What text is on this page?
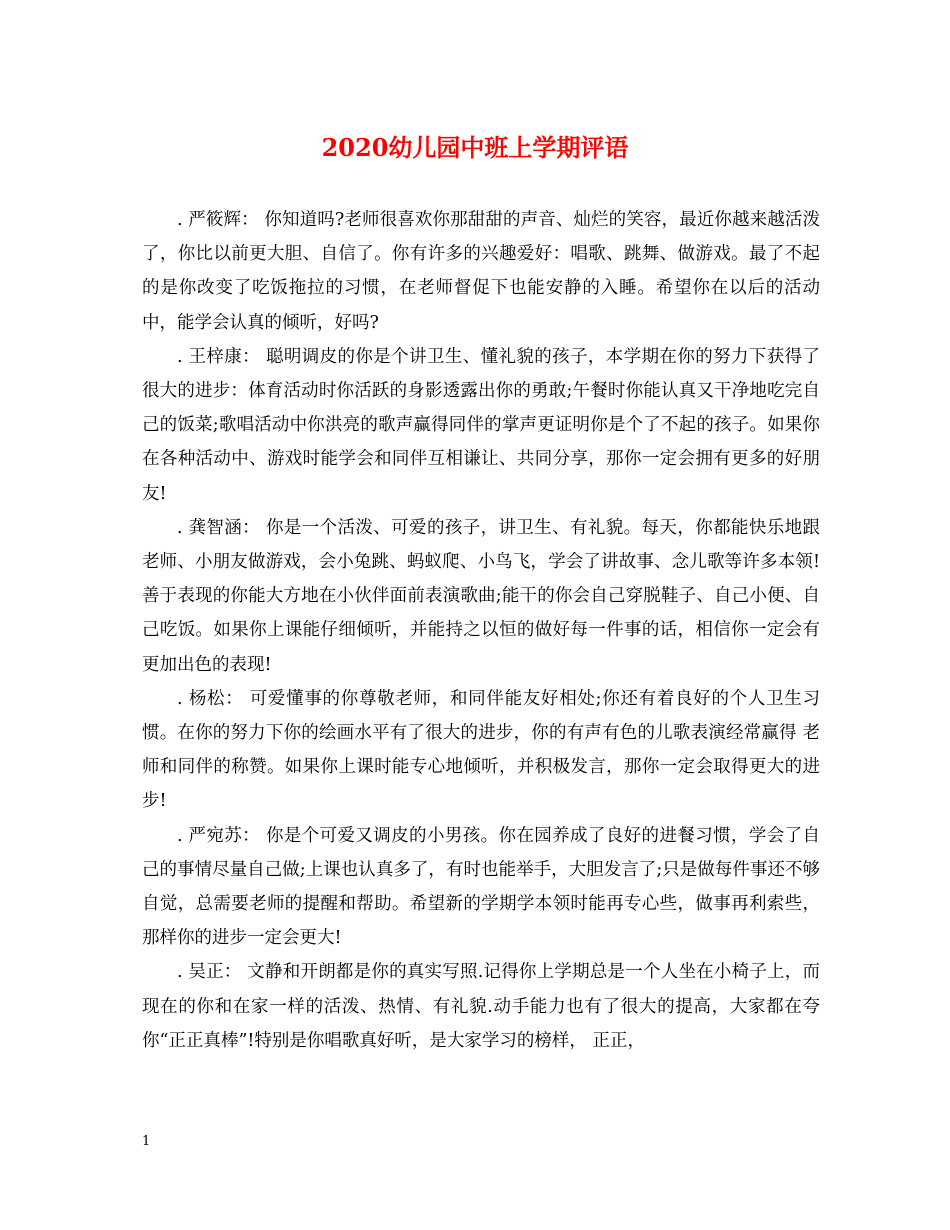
2020幼儿园中班上学期评语

. 严筱辉： 你知道吗?老师很喜欢你那甜甜的声音、灿烂的笑容，最近你越来越活泼了，你比以前更大胆、自信了。你有许多的兴趣爱好：唱歌、跳舞、做游戏。最了不起的是你改变了吃饭拖拉的习惯，在老师督促下也能安静的入睡。希望你在以后的活动中，能学会认真的倾听，好吗?

. 王梓康： 聪明调皮的你是个讲卫生、懂礼貌的孩子，本学期在你的努力下获得了很大的进步：体育活动时你活跃的身影透露出你的勇敢;午餐时你能认真又干净地吃完自己的饭菜;歌唱活动中你洪亮的歌声赢得同伴的掌声更证明你是个了不起的孩子。如果你在各种活动中、游戏时能学会和同伴互相谦让、共同分享，那你一定会拥有更多的好朋友!

. 龚智涵： 你是一个活泼、可爱的孩子，讲卫生、有礼貌。每天，你都能快乐地跟 老师、小朋友做游戏，会小兔跳、蚂蚁爬、小鸟飞，学会了讲故事、念儿歌等许多本领!善于表现的你能大方地在小伙伴面前表演歌曲;能干的你会自己穿脱鞋子、自己小便、自己吃饭。如果你上课能仔细倾听，并能持之以恒的做好每一件事的话，相信你一定会有更加出色的表现!

. 杨松： 可爱懂事的你尊敬老师，和同伴能友好相处;你还有着良好的个人卫生习惯。在你的努力下你的绘画水平有了很大的进步，你的有声有色的儿歌表演经常赢得 老师和同伴的称赞。如果你上课时能专心地倾听，并积极发言，那你一定会取得更大的进步!

. 严宛苏： 你是个可爱又调皮的小男孩。你在园养成了良好的进餐习惯，学会了自己的事情尽量自己做;上课也认真多了，有时也能举手，大胆发言了;只是做每件事还不够自觉，总需要老师的提醒和帮助。希望新的学期学本领时能再专心些，做事再利索些，那样你的进步一定会更大!

. 吴正： 文静和开朗都是你的真实写照.记得你上学期总是一个人坐在小椅子上，而现在的你和在家一样的活泼、热情、有礼貌.动手能力也有了很大的提高，大家都在夸你“正正真棒”!特别是你唱歌真好听，是大家学习的榜样， 正正，

1
